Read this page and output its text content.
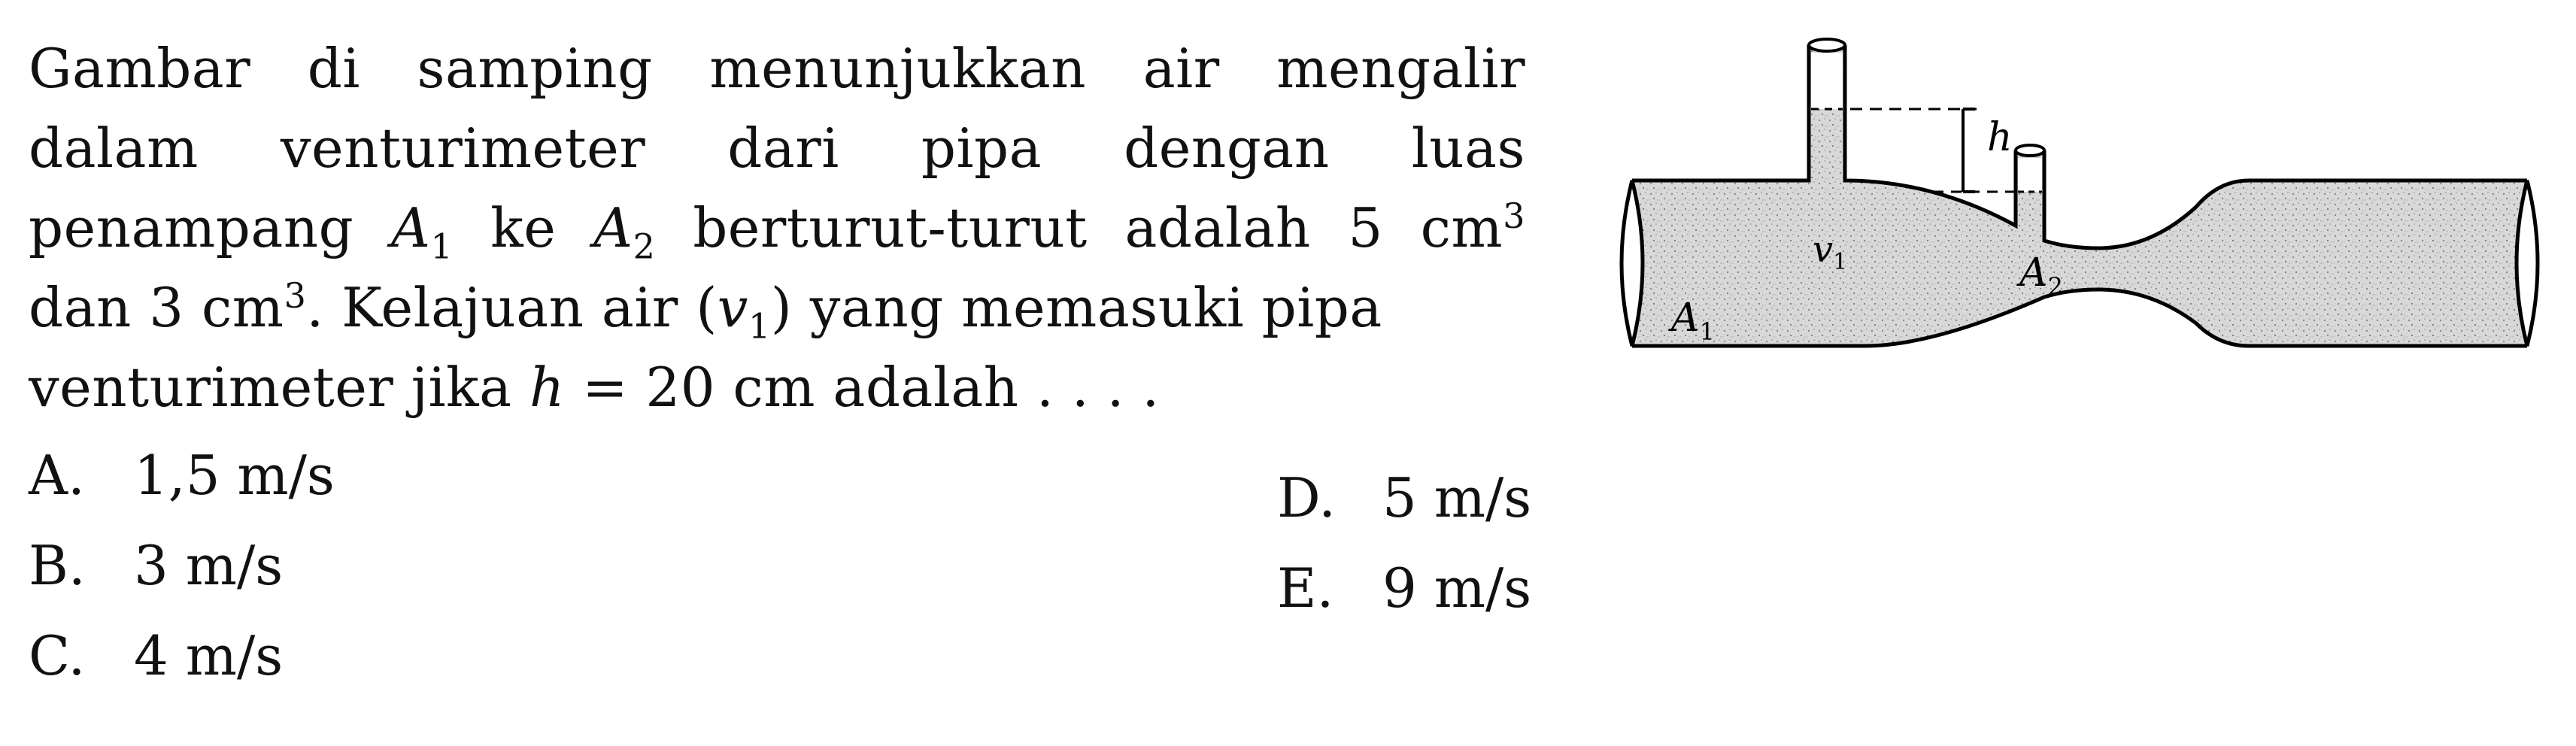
Gambar di samping menunjukkan air mengalir
dalam venturimeter dari pipa dengan luas
penampang $A_1$ ke $A_2$ berturut-turut adalah 5 $cm^3$
dan 3 $cm^3$. Kelajuan air $(v_1)$ yang memasuki pipa
venturimeter jika h = 20 cm adalah . . . .
h
$v_1$
$A_1$
$A_2$
A. 1,5 m/s
B. 3 m/s
C. 4 m/s
D. 5 m/s
E. 9 m/s
